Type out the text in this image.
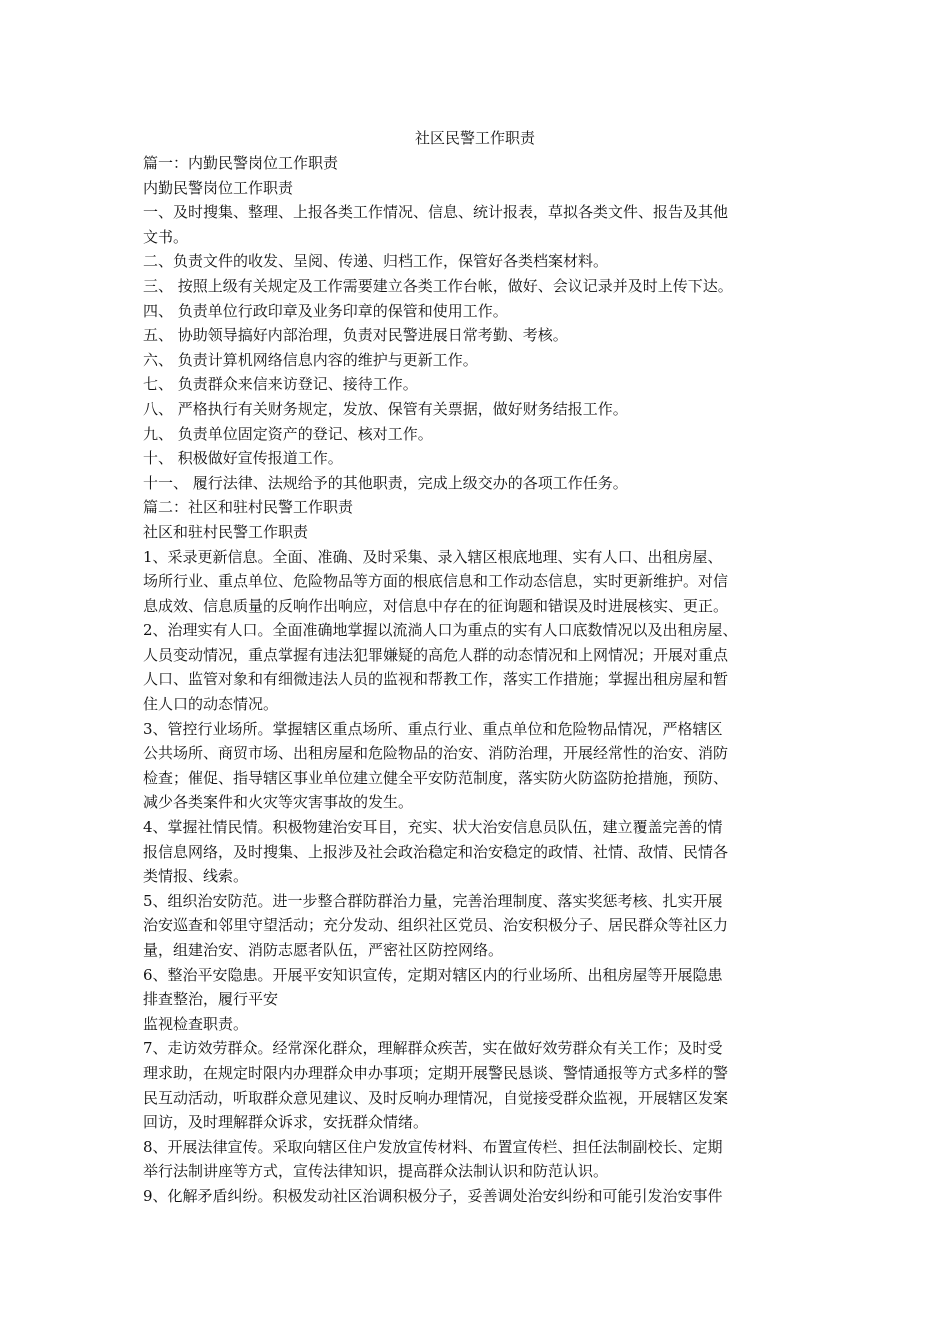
社区民警工作职责

篇一：内勤民警岗位工作职责

内勤民警岗位工作职责

一、及时搜集、整理、上报各类工作情况、信息、统计报表，草拟各类文件、报告及其他

文书。

二、负责文件的收发、呈阅、传递、归档工作，保管好各类档案材料。

三、 按照上级有关规定及工作需要建立各类工作台帐，做好、会议记录并及时上传下达。

四、 负责单位行政印章及业务印章的保管和使用工作。

五、 协助领导搞好内部治理，负责对民警进展日常考勤、考核。

六、 负责计算机网络信息内容的维护与更新工作。

七、 负责群众来信来访登记、接待工作。

八、 严格执行有关财务规定，发放、保管有关票据，做好财务结报工作。

九、 负责单位固定资产的登记、核对工作。

十、 积极做好宣传报道工作。

十一、 履行法律、法规给予的其他职责，完成上级交办的各项工作任务。

篇二：社区和驻村民警工作职责

社区和驻村民警工作职责

1、采录更新信息。全面、准确、及时采集、录入辖区根底地理、实有人口、出租房屋、

场所行业、重点单位、危险物品等方面的根底信息和工作动态信息，实时更新维护。对信

息成效、信息质量的反响作出响应，对信息中存在的征询题和错误及时进展核实、更正。

2、治理实有人口。全面准确地掌握以流淌人口为重点的实有人口底数情况以及出租房屋、

人员变动情况，重点掌握有违法犯罪嫌疑的高危人群的动态情况和上网情况；开展对重点

人口、监管对象和有细微违法人员的监视和帮教工作，落实工作措施；掌握出租房屋和暂

住人口的动态情况。

3、管控行业场所。掌握辖区重点场所、重点行业、重点单位和危险物品情况，严格辖区

公共场所、商贸市场、出租房屋和危险物品的治安、消防治理，开展经常性的治安、消防

检查；催促、指导辖区事业单位建立健全平安防范制度，落实防火防盗防抢措施，预防、

减少各类案件和火灾等灾害事故的发生。

4、掌握社情民情。积极物建治安耳目，充实、状大治安信息员队伍，建立覆盖完善的情

报信息网络，及时搜集、上报涉及社会政治稳定和治安稳定的政情、社情、敌情、民情各

类情报、线索。

5、组织治安防范。进一步整合群防群治力量，完善治理制度、落实奖惩考核、扎实开展

治安巡查和邻里守望活动；充分发动、组织社区党员、治安积极分子、居民群众等社区力

量，组建治安、消防志愿者队伍，严密社区防控网络。

6、整治平安隐患。开展平安知识宣传，定期对辖区内的行业场所、出租房屋等开展隐患

排查整治，履行平安

监视检查职责。

7、走访效劳群众。经常深化群众，理解群众疾苦，实在做好效劳群众有关工作；及时受

理求助，在规定时限内办理群众申办事项；定期开展警民恳谈、警情通报等方式多样的警

民互动活动，听取群众意见建议、及时反响办理情况，自觉接受群众监视，开展辖区发案

回访，及时理解群众诉求，安抚群众情绪。

8、开展法律宣传。采取向辖区住户发放宣传材料、布置宣传栏、担任法制副校长、定期

举行法制讲座等方式，宣传法律知识，提高群众法制认识和防范认识。

9、化解矛盾纠纷。积极发动社区治调积极分子，妥善调处治安纠纷和可能引发治安事件
